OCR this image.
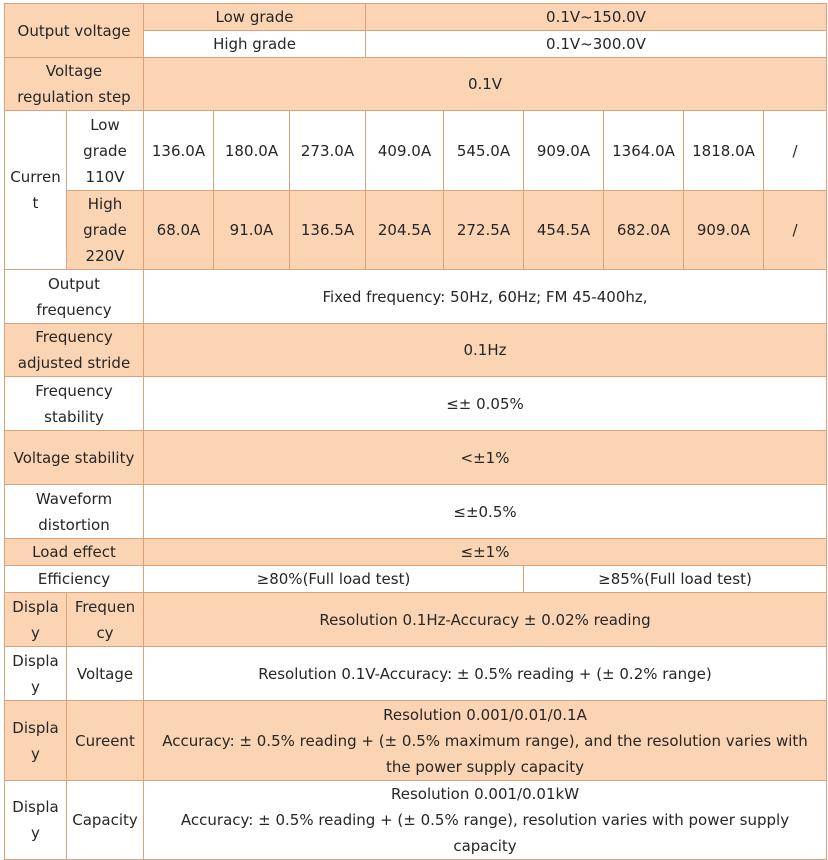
Output voltage		Low grade			0.1V~150.0V					
		High grade			0.1V~300.0V					
Voltage regulation step		0.1V								
Current	Low grade 110V	136.0A	180.0A	273.0A	409.0A	545.0A	909.0A	1364.0A	1818.0A	/
	High grade 220V	68.0A	91.0A	136.5A	204.5A	272.5A	454.5A	682.0A	909.0A	/
Output frequency		Fixed frequency: 50Hz, 60Hz; FM 45-400hz,								
Frequency adjusted stride		0.1Hz								
Frequency stability		≤± 0.05%								
Voltage stability		<±1%								
Waveform distortion		≤±0.5%								
Load effect		≤±1%								
Efficiency		≥80%(Full load test)					≥85%(Full load test)			
Display	Frequency	Resolution 0.1Hz-Accuracy ± 0.02% reading								
Display	Voltage	Resolution 0.1V-Accuracy: ± 0.5% reading + (± 0.2% range)								
Display	Cureent	Resolution 0.001/0.01/0.1A
Accuracy: ± 0.5% reading + (± 0.5% maximum range), and the resolution varies with the power supply capacity								

Display	Capacity	Resolution 0.001/0.01kW
Accuracy: ± 0.5% reading + (± 0.5% range), resolution varies with power supply capacity								
